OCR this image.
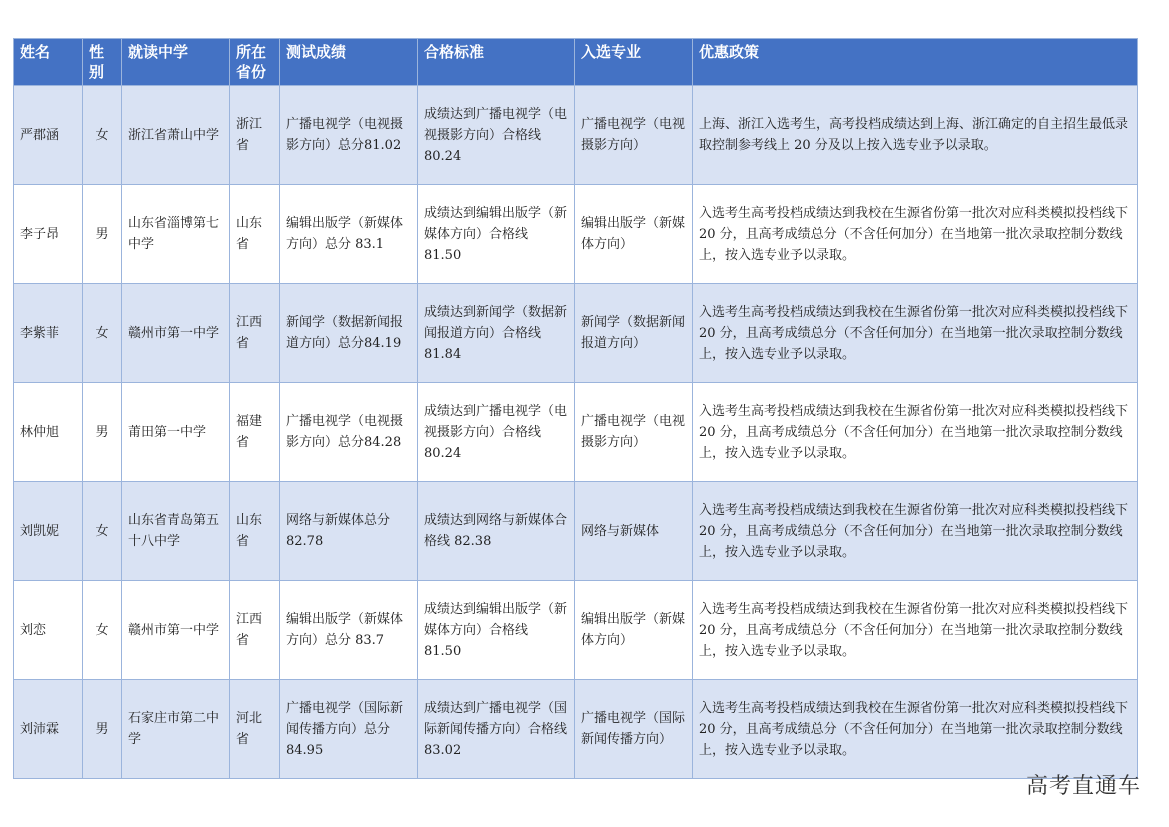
姓名	性别	就读中学	所在省份	测试成绩	合格标准	入选专业	优惠政策
严郡涵	女	浙江省萧山中学	浙江省	广播电视学（电视摄影方向）总分81.02	成绩达到广播电视学（电视摄影方向）合格线 80.24	广播电视学（电视摄影方向）	上海、浙江入选考生，高考投档成绩达到上海、浙江确定的自主招生最低录取控制参考线上 20 分及以上按入选专业予以录取。
李子昂	男	山东省淄博第七中学	山东省	编辑出版学（新媒体方向）总分 83.1	成绩达到编辑出版学（新媒体方向）合格线 81.50	编辑出版学（新媒体方向）	入选考生高考投档成绩达到我校在生源省份第一批次对应科类模拟投档线下 20 分，且高考成绩总分（不含任何加分）在当地第一批次录取控制分数线上，按入选专业予以录取。
李紫菲	女	赣州市第一中学	江西省	新闻学（数据新闻报道方向）总分84.19	成绩达到新闻学（数据新闻报道方向）合格线 81.84	新闻学（数据新闻报道方向）	入选考生高考投档成绩达到我校在生源省份第一批次对应科类模拟投档线下 20 分，且高考成绩总分（不含任何加分）在当地第一批次录取控制分数线上，按入选专业予以录取。
林仲旭	男	莆田第一中学	福建省	广播电视学（电视摄影方向）总分84.28	成绩达到广播电视学（电视摄影方向）合格线 80.24	广播电视学（电视摄影方向）	入选考生高考投档成绩达到我校在生源省份第一批次对应科类模拟投档线下 20 分，且高考成绩总分（不含任何加分）在当地第一批次录取控制分数线上，按入选专业予以录取。
刘凯妮	女	山东省青岛第五十八中学	山东省	网络与新媒体总分82.78	成绩达到网络与新媒体合格线 82.38	网络与新媒体	入选考生高考投档成绩达到我校在生源省份第一批次对应科类模拟投档线下 20 分，且高考成绩总分（不含任何加分）在当地第一批次录取控制分数线上，按入选专业予以录取。
刘恋	女	赣州市第一中学	江西省	编辑出版学（新媒体方向）总分 83.7	成绩达到编辑出版学（新媒体方向）合格线 81.50	编辑出版学（新媒体方向）	入选考生高考投档成绩达到我校在生源省份第一批次对应科类模拟投档线下 20 分，且高考成绩总分（不含任何加分）在当地第一批次录取控制分数线上，按入选专业予以录取。
刘沛霖	男	石家庄市第二中学	河北省	广播电视学（国际新闻传播方向）总分 84.95	成绩达到广播电视学（国际新闻传播方向）合格线 83.02	广播电视学（国际新闻传播方向）	入选考生高考投档成绩达到我校在生源省份第一批次对应科类模拟投档线下 20 分，且高考成绩总分（不含任何加分）在当地第一批次录取控制分数线上，按入选专业予以录取。
高考直通车
